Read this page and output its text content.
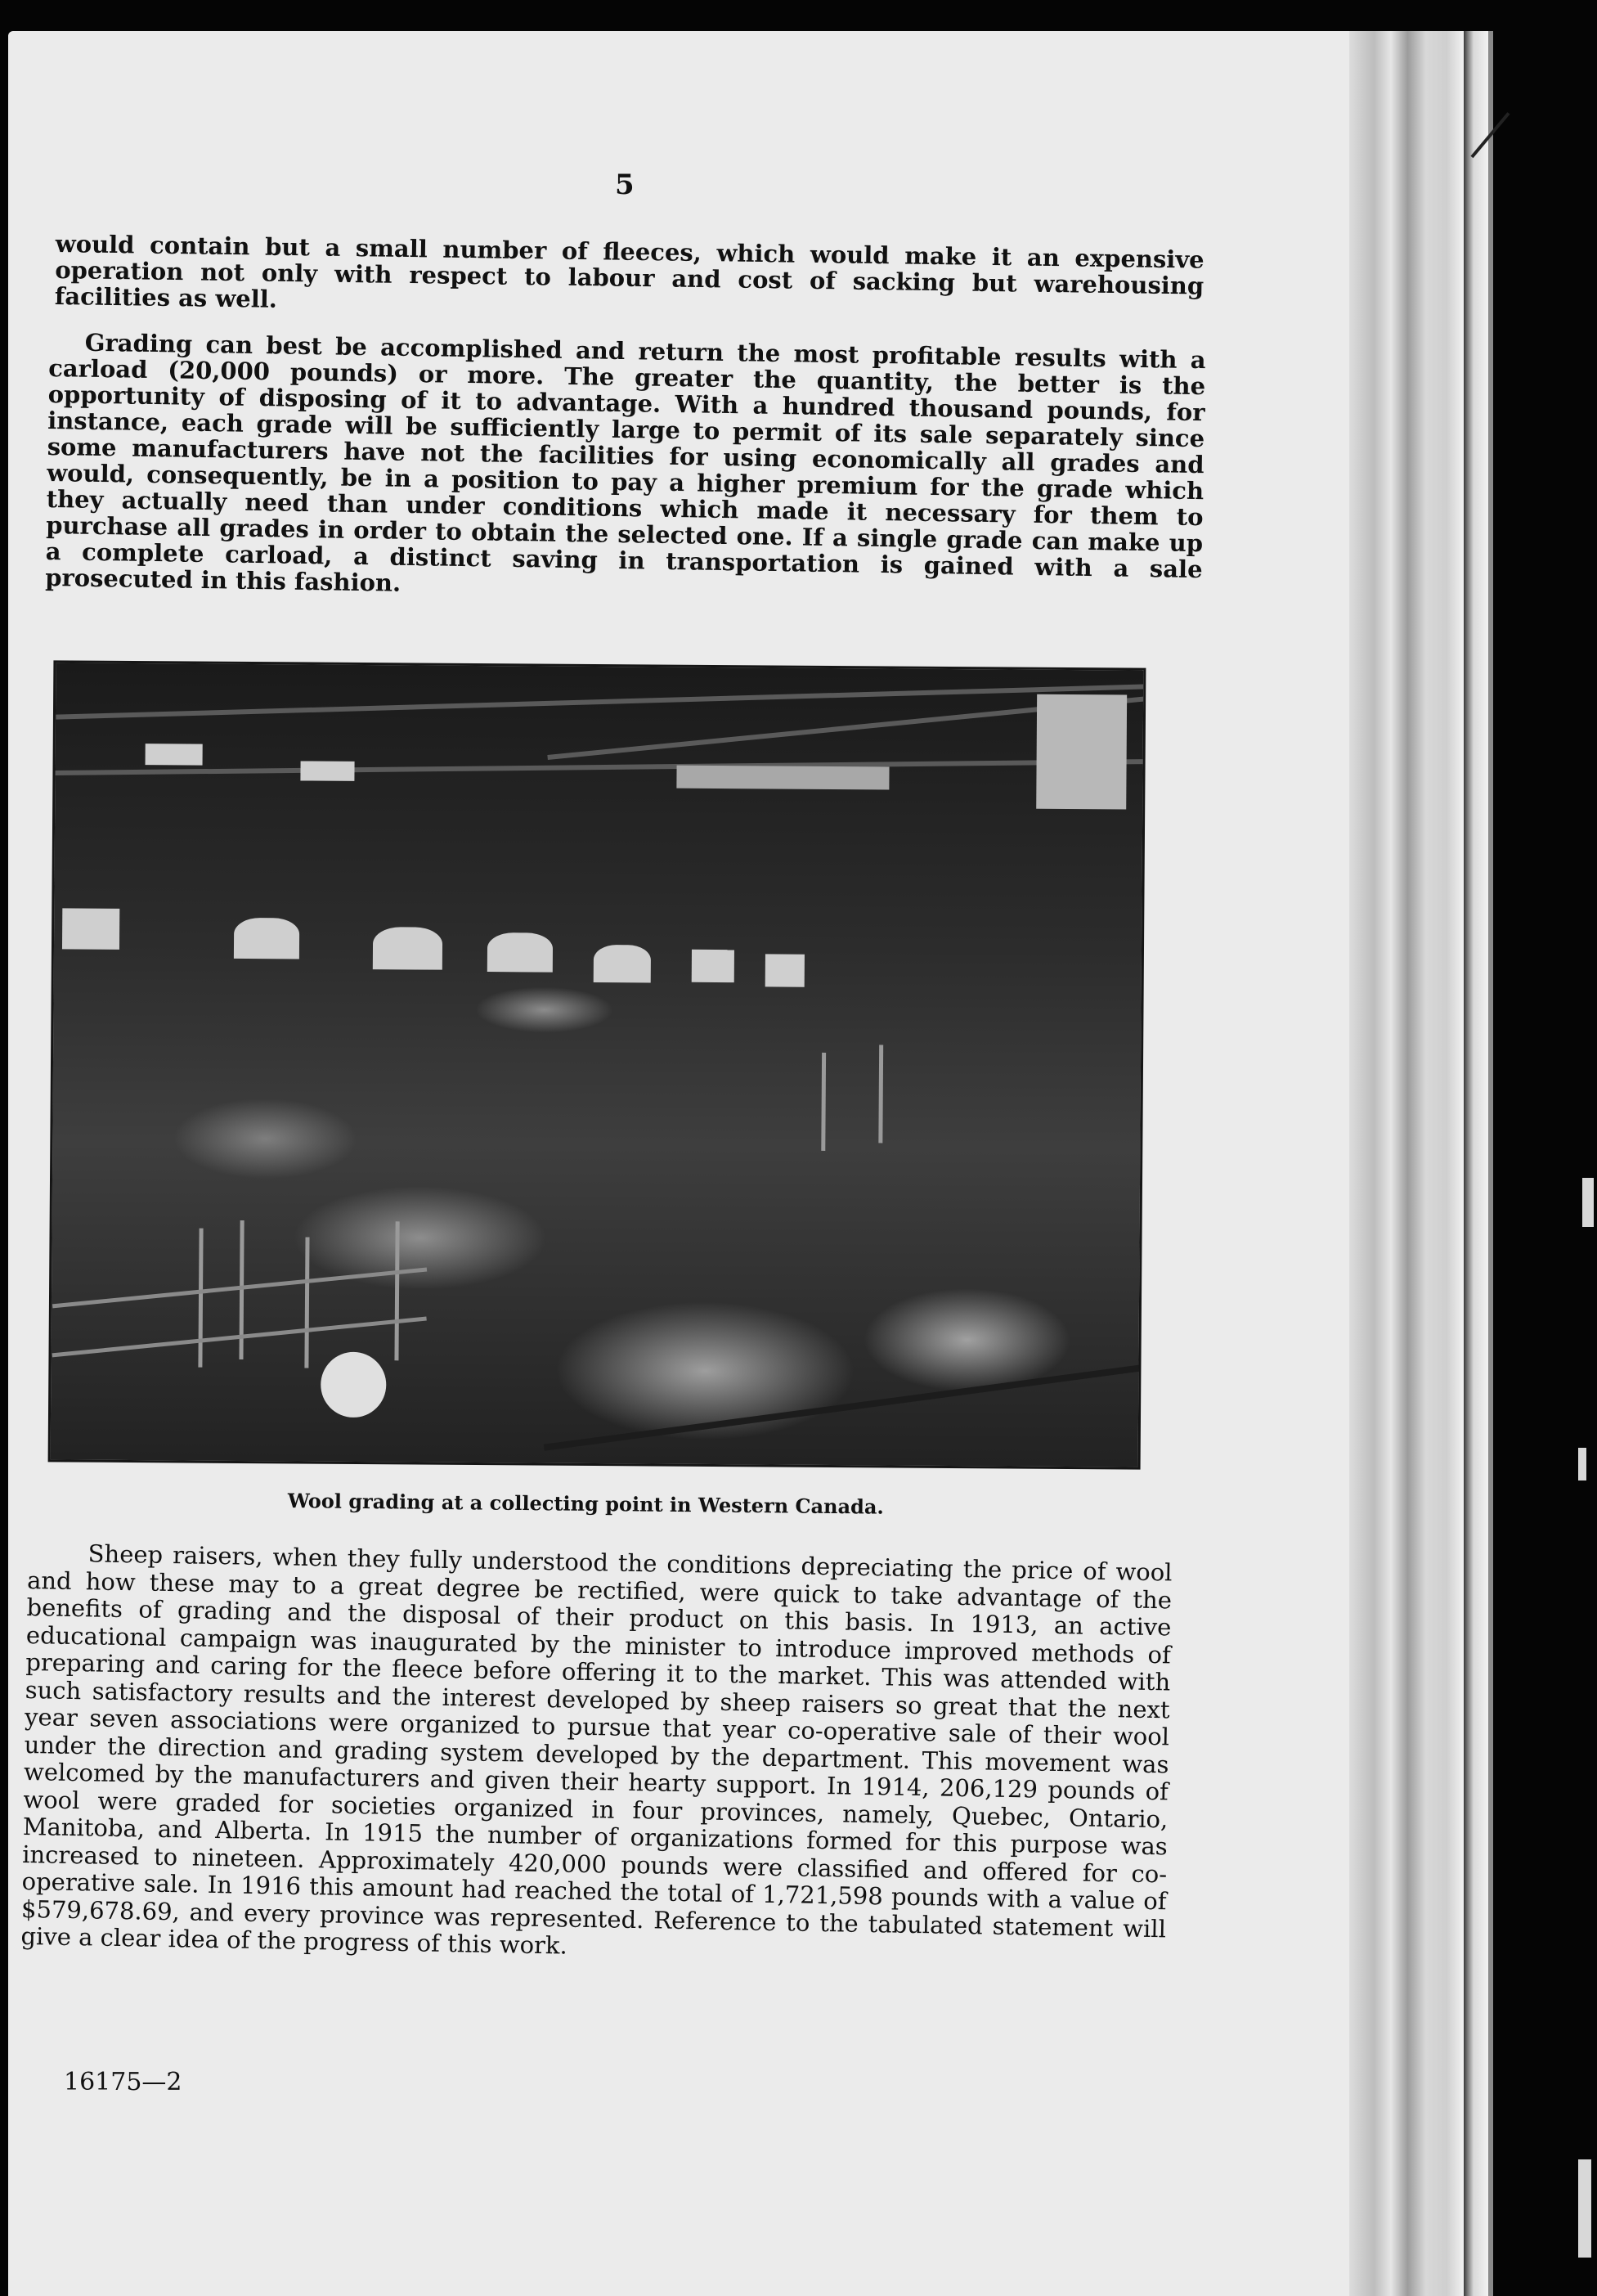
5

would contain but a small number of fleeces, which would make it an expensive operation not only with respect to labour and cost of sacking but warehousing facilities as well.

Grading can best be accomplished and return the most profitable results with a carload (20,000 pounds) or more. The greater the quantity, the better is the opportunity of disposing of it to advantage. With a hundred thousand pounds, for instance, each grade will be sufficiently large to permit of its sale separately since some manufacturers have not the facilities for using economically all grades and would, consequently, be in a position to pay a higher premium for the grade which they actually need than under conditions which made it necessary for them to purchase all grades in order to obtain the selected one. If a single grade can make up a complete carload, a distinct saving in transportation is gained with a sale prosecuted in this fashion.

Wool grading at a collecting point in Western Canada.

Sheep raisers, when they fully understood the conditions depreciating the price of wool and how these may to a great degree be rectified, were quick to take advantage of the benefits of grading and the disposal of their product on this basis. In 1913, an active educational campaign was inaugurated by the minister to introduce improved methods of preparing and caring for the fleece before offering it to the market. This was attended with such satisfactory results and the interest developed by sheep raisers so great that the next year seven associations were organized to pursue that year co-operative sale of their wool under the direction and grading system developed by the department. This movement was welcomed by the manufacturers and given their hearty support. In 1914, 206,129 pounds of wool were graded for societies organized in four provinces, namely, Quebec, Ontario, Manitoba, and Alberta. In 1915 the number of organizations formed for this purpose was increased to nineteen. Approximately 420,000 pounds were classified and offered for co-operative sale. In 1916 this amount had reached the total of 1,721,598 pounds with a value of $579,678.69, and every province was represented. Reference to the tabulated statement will give a clear idea of the progress of this work.

16175—2
